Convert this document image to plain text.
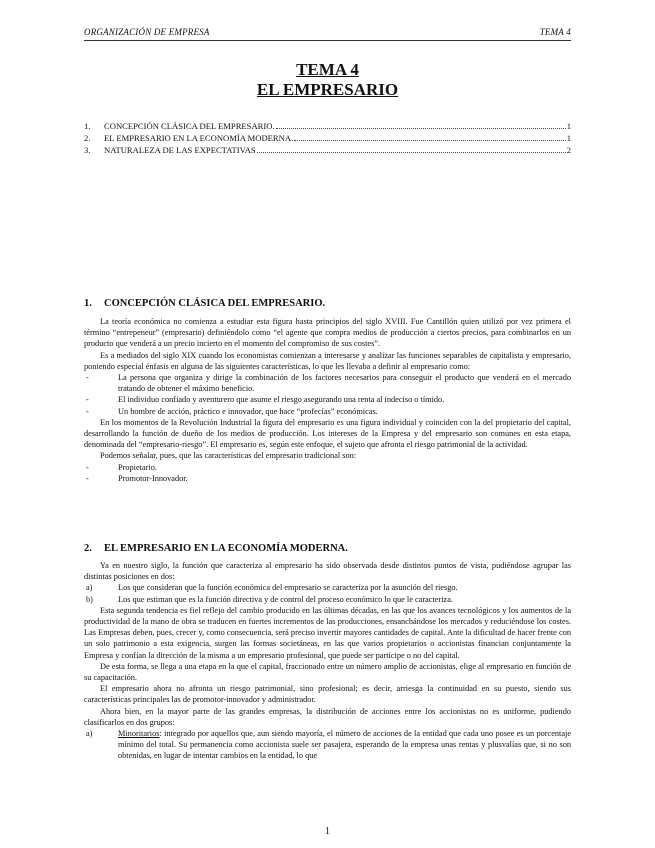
ORGANIZACIÓN DE EMPRESA	TEMA 4
TEMA 4
EL EMPRESARIO
1.	CONCEPCIÓN CLÁSICA DEL EMPRESARIO.	1
2.	EL EMPRESARIO EN LA ECONOMÍA MODERNA.	1
3.	NATURALEZA DE LAS EXPECTATIVAS	2
1. CONCEPCIÓN CLÁSICA DEL EMPRESARIO.

La teoría económica no comienza a estudiar esta figura hasta principios del siglo XVIII. Fue Cantillón quien utilizó por vez primera el término “entrepeneur” (empresario) definiéndolo como “el agente que compra medios de producción a ciertos precios, para combinarlos en un producto que venderá a un precio incierto en el momento del compromiso de sus costes”.

Es a mediados del siglo XIX cuando los economistas comienzan a interesarse y analizar las funciones separables de capitalista y empresario, poniendo especial énfasis en alguna de las siguientes características, lo que les llevaba a definir al empresario como:

-	La persona que organiza y dirige la combinación de los factores necesarios para conseguir el producto que venderá en el mercado tratando de obtener el máximo beneficio.
-	El individuo confiado y aventurero que asume el riesgo asegurando una renta al indeciso o tímido.
-	Un hombre de acción, práctico e innovador, que hace “profecías” económicas.

En los momentos de la Revolución Industrial la figura del empresario es una figura individual y coinciden con la del propietario del capital, desarrollando la función de dueño de los medios de producción. Los intereses de la Empresa y del empresario son comunes en esta etapa, denominada del “empresario-riesgo”. El empresario es, según este enfoque, el sujeto que afronta el riesgo patrimonial de la actividad.

Podemos señalar, pues, que las características del empresario tradicional son:

-	Propietario.
-	Promotor-Innovador.
2. EL EMPRESARIO EN LA ECONOMÍA MODERNA.

Ya en nuestro siglo, la función que caracteriza al empresario ha sido observada desde distintos puntos de vista, pudiéndose agrupar las distintas posiciones en dos:

a)	Los que consideran que la función económica del empresario se caracteriza por la asunción del riesgo.
b)	Los que estiman que es la función directiva y de control del proceso económico lo que le caracteriza.

Esta segunda tendencia es fiel reflejo del cambio producido en las últimas décadas, en las que los avances tecnológicos y los aumentos de la productividad de la mano de obra se traducen en fuertes incrementos de las producciones, ensanchándose los mercados y reduciéndose los costes. Las Empresas deben, pues, crecer y, como consecuencia, será preciso invertir mayores cantidades de capital. Ante la dificultad de hacer frente con un solo patrimonio a esta exigencia, surgen las formas societáneas, en las que varios propietarios o accionistas financian conjuntamente la Empresa y confían la dirección de la misma a un empresario profesional, que puede ser partícipe o no del capital.

De esta forma, se llega a una etapa en la que el capital, fraccionado entre un número amplio de accionistas, elige al empresario en función de su capacitación.

El empresario ahora no afronta un riesgo patrimonial, sino profesional; es decir, arriesga la continuidad en su puesto, siendo sus características principales las de promotor-innovador y administrador.

Ahora bien, en la mayor parte de las grandes empresas, la distribución de acciones entre los accionistas no es uniforme, pudiendo clasificarlos en dos grupos:

a)	Minoritarios: integrado por aquellos que, aun siendo mayoría, el número de acciones de la entidad que cada uno posee es un porcentaje mínimo del total. Su permanencia como accionista suele ser pasajera, esperando de la empresa unas rentas y plusvalías que, si no son obtenidas, en lugar de intentar cambios en la entidad, lo que
1
